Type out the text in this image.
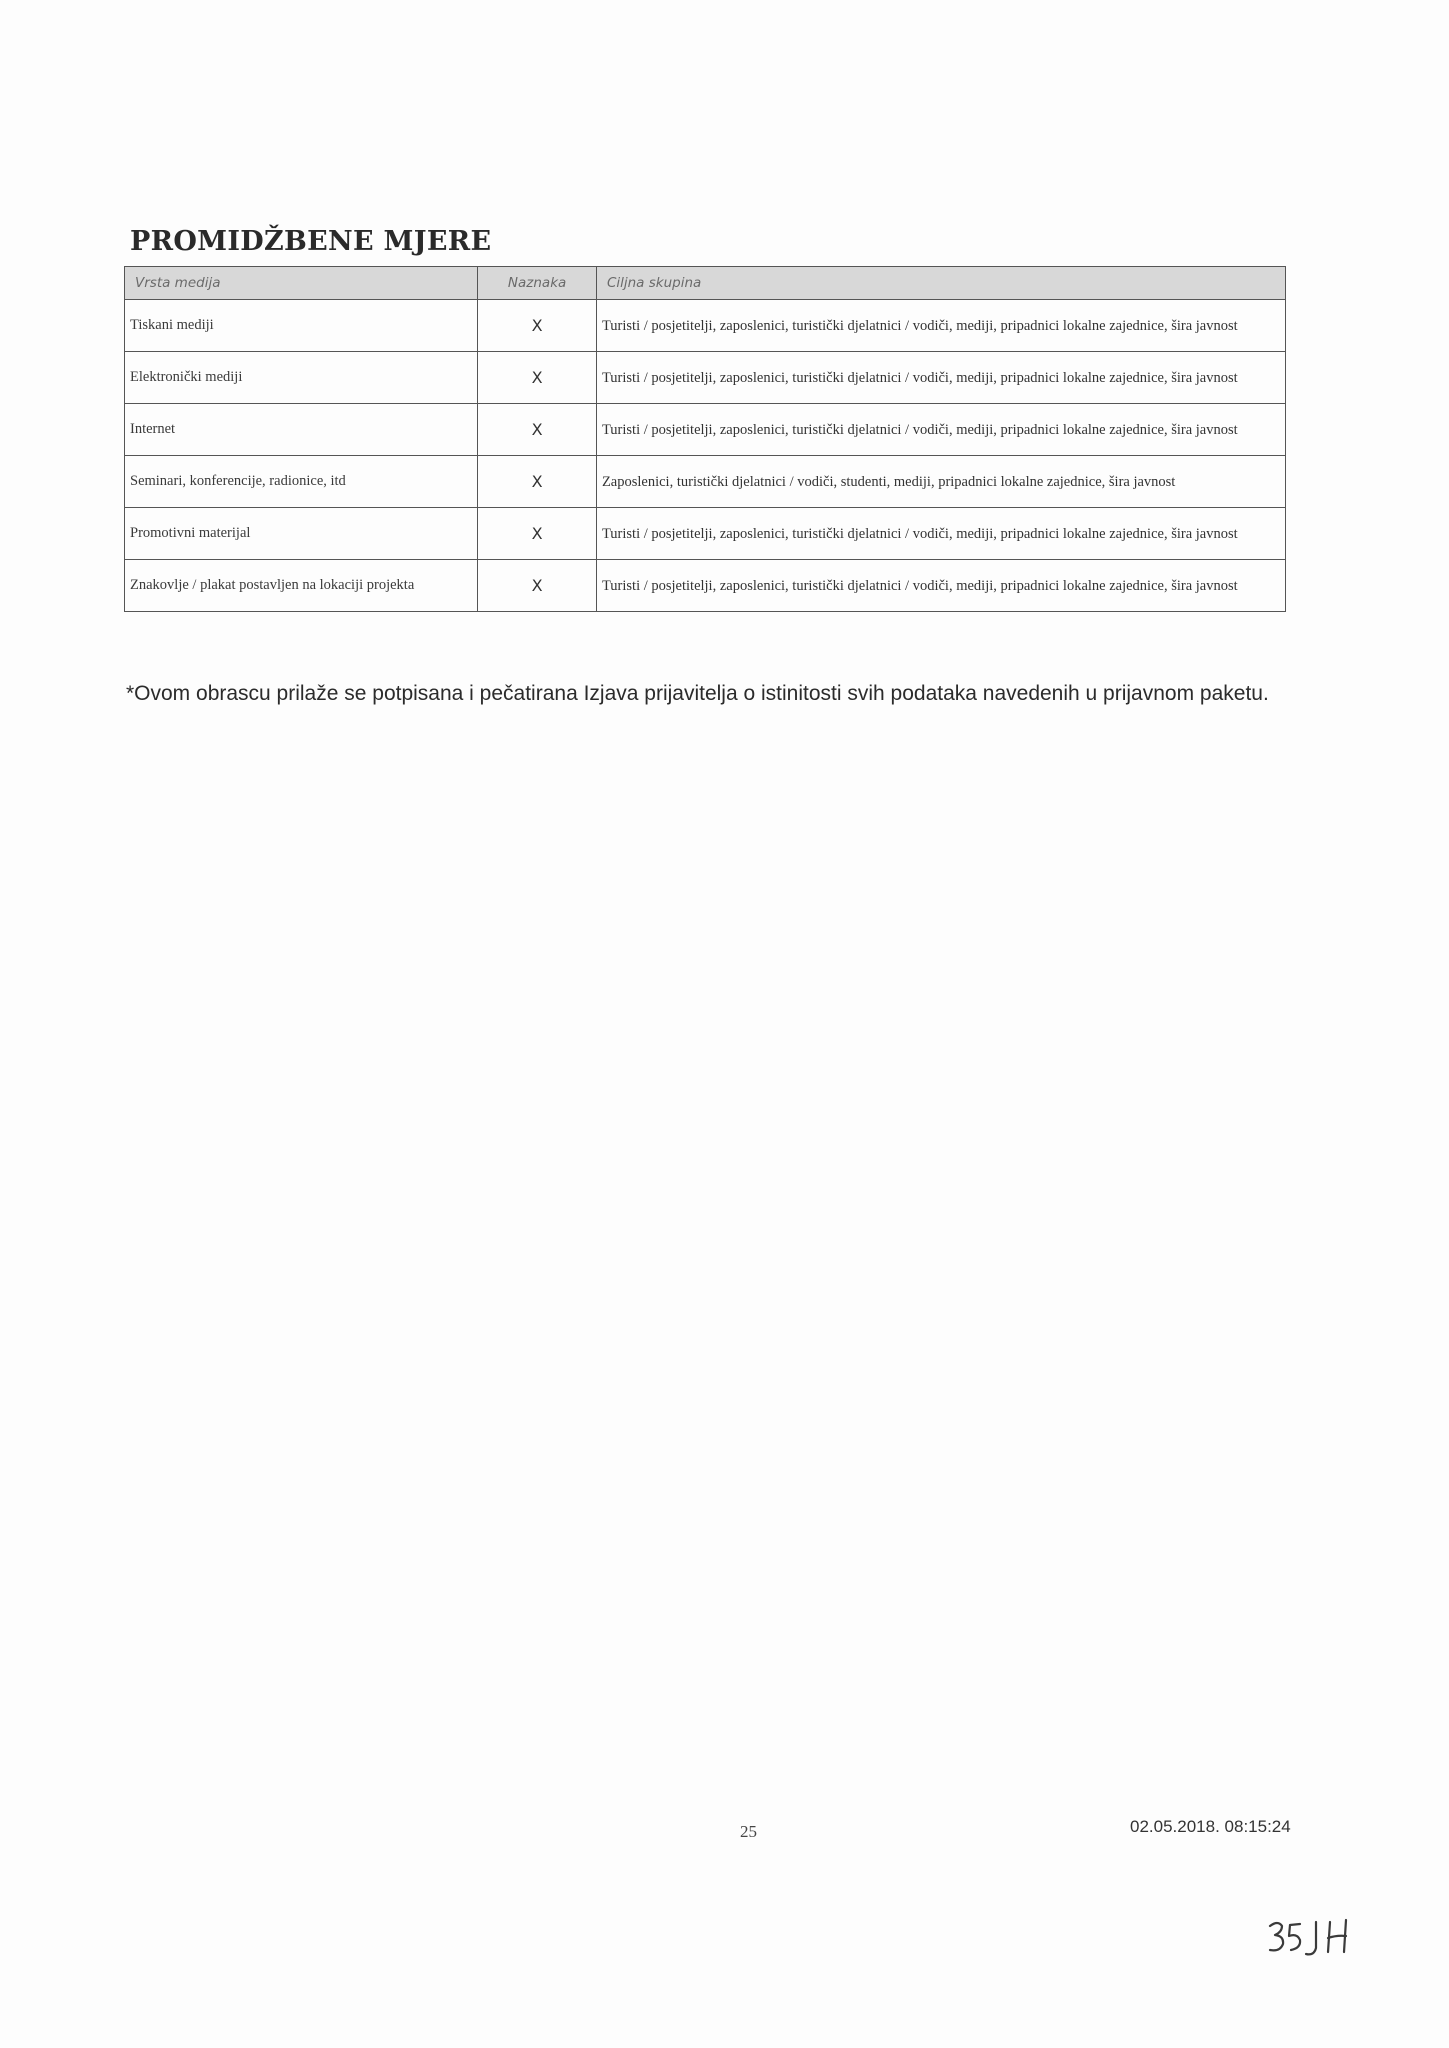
PROMIDŽBENE MJERE
Vrsta medija	Naznaka	Ciljna skupina
Tiskani mediji	X	Turisti / posjetitelji, zaposlenici, turistički djelatnici / vodiči, mediji, pripadnici lokalne zajednice, šira javnost
Elektronički mediji	X	Turisti / posjetitelji, zaposlenici, turistički djelatnici / vodiči, mediji, pripadnici lokalne zajednice, šira javnost
Internet	X	Turisti / posjetitelji, zaposlenici, turistički djelatnici / vodiči, mediji, pripadnici lokalne zajednice, šira javnost
Seminari, konferencije, radionice, itd	X	Zaposlenici, turistički djelatnici / vodiči, studenti, mediji, pripadnici lokalne zajednice, šira javnost
Promotivni materijal	X	Turisti / posjetitelji, zaposlenici, turistički djelatnici / vodiči, mediji, pripadnici lokalne zajednice, šira javnost
Znakovlje / plakat postavljen na lokaciji projekta	X	Turisti / posjetitelji, zaposlenici, turistički djelatnici / vodiči, mediji, pripadnici lokalne zajednice, šira javnost
*Ovom obrascu prilaže se potpisana i pečatirana Izjava prijavitelja o istinitosti svih podataka navedenih u prijavnom paketu.
25	02.05.2018. 08:15:24
